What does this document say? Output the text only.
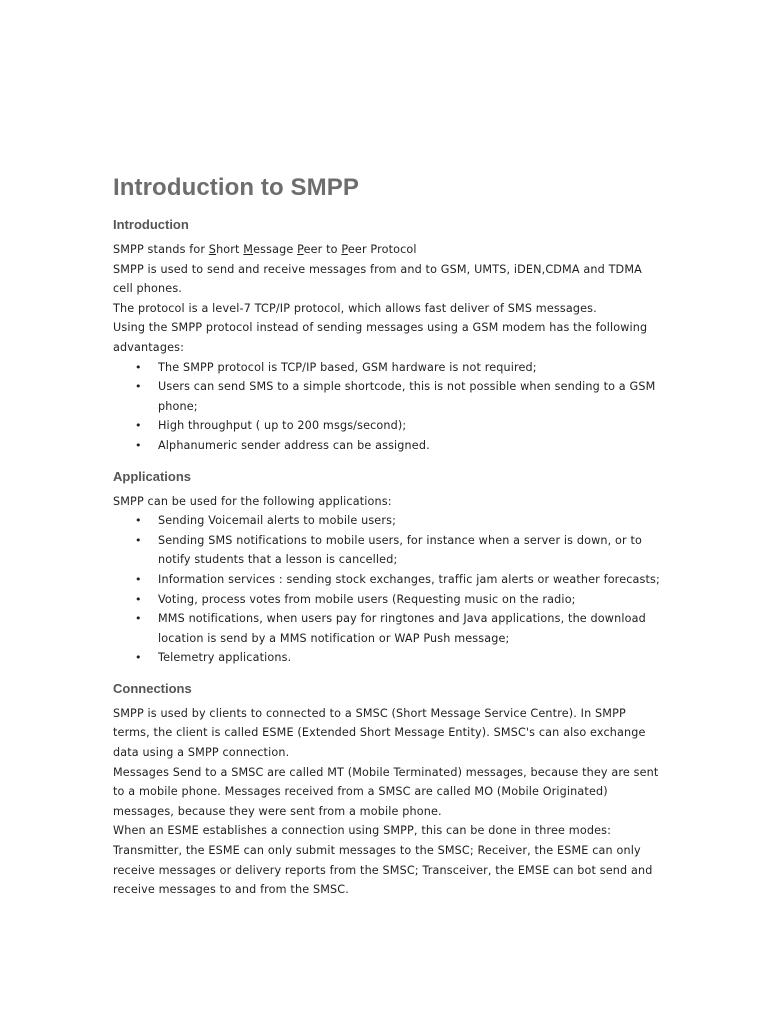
Introduction to SMPP
Introduction

SMPP stands for Short Message Peer to Peer Protocol

SMPP is used to send and receive messages from and to GSM, UMTS, iDEN,CDMA and TDMA cell phones.

The protocol is a level-7 TCP/IP protocol, which allows fast deliver of SMS messages.

Using the SMPP protocol instead of sending messages using a GSM modem has the following advantages:

•The SMPP protocol is TCP/IP based, GSM hardware is not required;
•Users can send SMS to a simple shortcode, this is not possible when sending to a GSM phone;
•High throughput ( up to 200 msgs/second);
•Alphanumeric sender address can be assigned.
Applications

SMPP can be used for the following applications:

•Sending Voicemail alerts to mobile users;
•Sending SMS notifications to mobile users, for instance when a server is down, or to notify students that a lesson is cancelled;
•Information services : sending stock exchanges, traffic jam alerts or weather forecasts;
•Voting, process votes from mobile users (Requesting music on the radio;
•MMS notifications, when users pay for ringtones and Java applications, the download location is send by a MMS notification or WAP Push message;
•Telemetry applications.
Connections

SMPP is used by clients to connected to a SMSC (Short Message Service Centre). In SMPP terms, the client is called ESME (Extended Short Message Entity). SMSC's can also exchange data using a SMPP connection.

Messages Send to a SMSC are called MT (Mobile Terminated) messages, because they are sent to a mobile phone. Messages received from a SMSC are called MO (Mobile Originated) messages, because they were sent from a mobile phone.

When an ESME establishes a connection using SMPP, this can be done in three modes: Transmitter, the ESME can only submit messages to the SMSC; Receiver, the ESME can only receive messages or delivery reports from the SMSC; Transceiver, the EMSE can bot send and receive messages to and from the SMSC.
